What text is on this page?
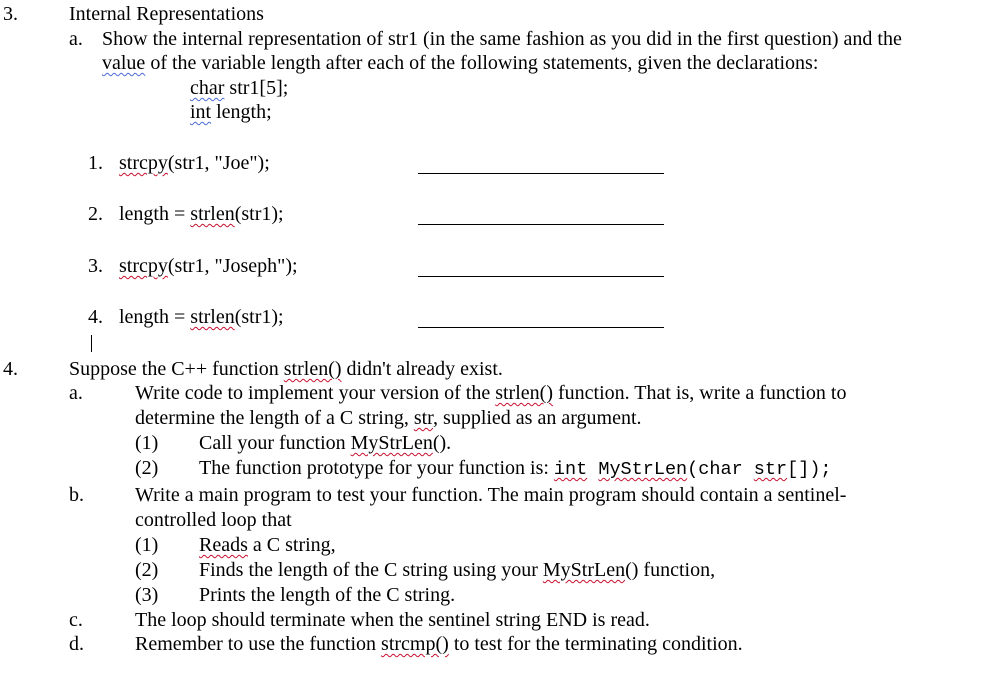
3.	Internal Representations
a. Show the internal representation of str1 (in the same fashion as you did in the first question) and the
value of the variable length after each of the following statements, given the declarations:
char str1[5];
int length;
1. strcpy(str1, "Joe");
2. length = strlen(str1);
3. strcpy(str1, "Joseph");
4. length = strlen(str1);
4.	Suppose the C++ function strlen() didn't already exist.
a.	Write code to implement your version of the strlen() function. That is, write a function to
determine the length of a C string, str, supplied as an argument.
(1) Call your function MyStrLen().
(2) The function prototype for your function is: int MyStrLen(char str[]);
b.	Write a main program to test your function. The main program should contain a sentinel-
controlled loop that
(1) Reads a C string,
(2) Finds the length of the C string using your MyStrLen() function,
(3) Prints the length of the C string.
c.	The loop should terminate when the sentinel string END is read.
d.	Remember to use the function strcmp() to test for the terminating condition.
